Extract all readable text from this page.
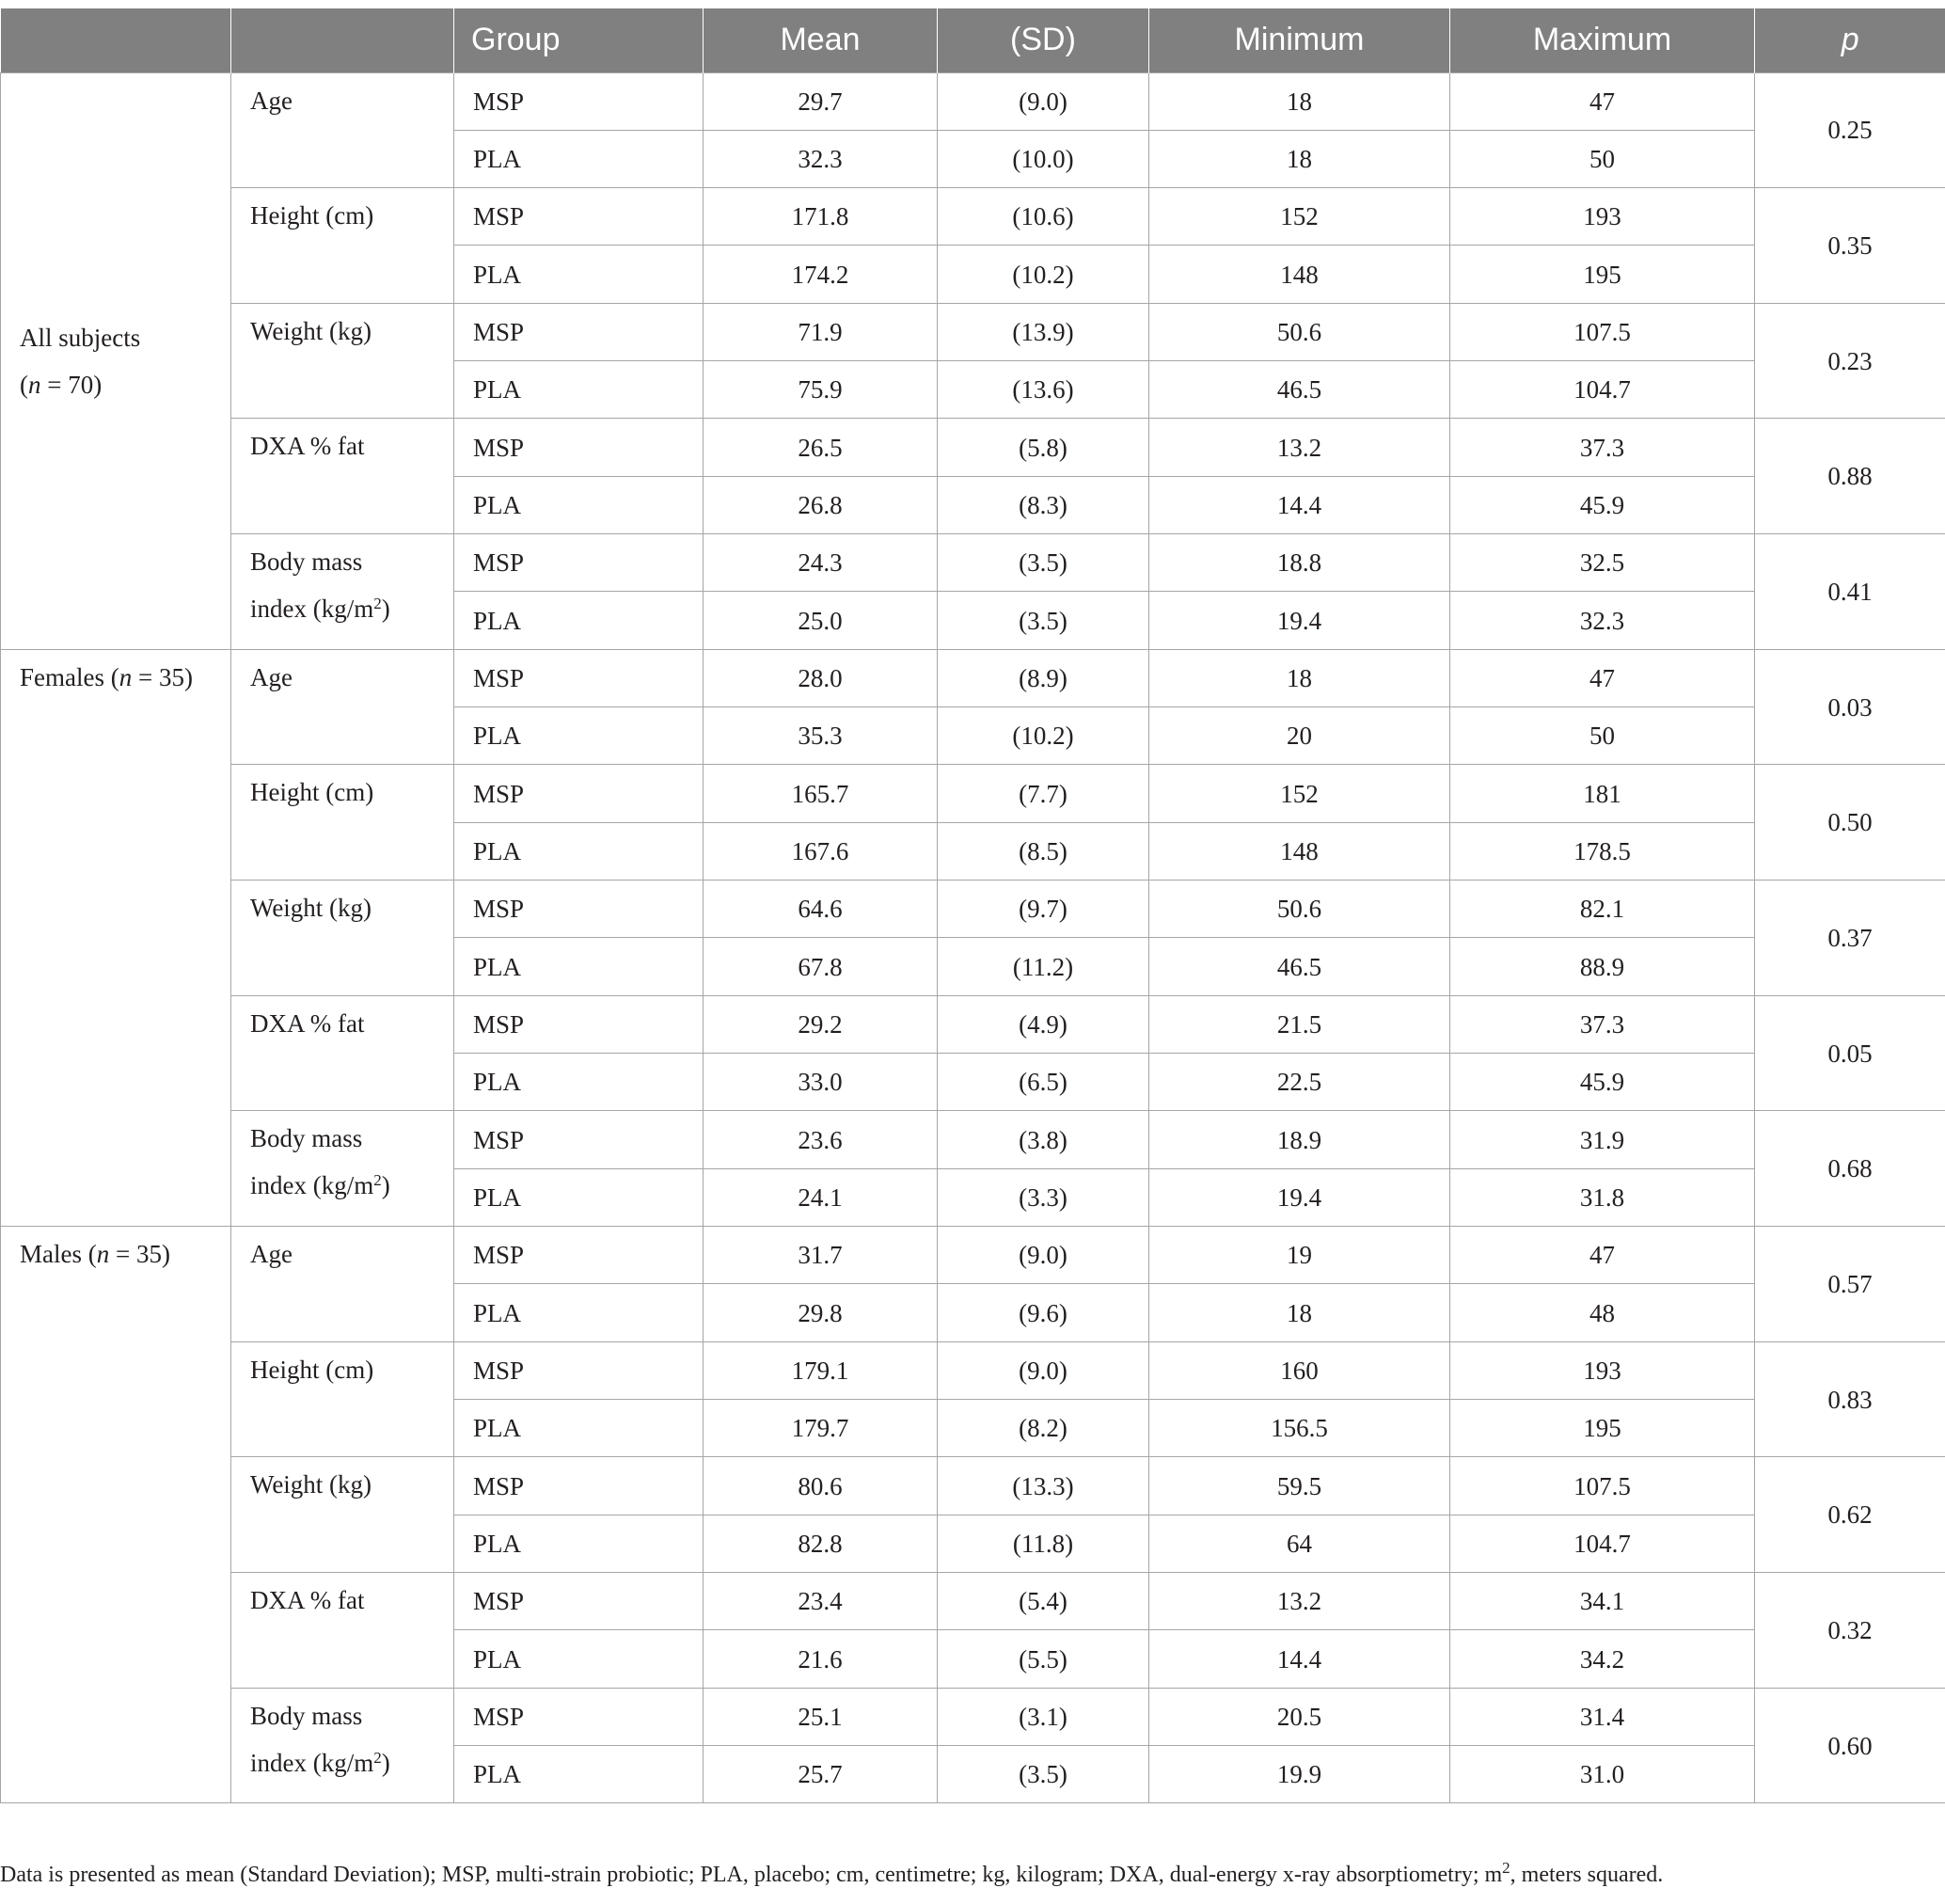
		Group	Mean	(SD)	Minimum	Maximum	p

All subjects
(n = 70)	Age	MSP	29.7	(9.0)	18	47	0.25
		PLA	32.3	(10.0)	18	50	
	Height (cm)	MSP	171.8	(10.6)	152	193	0.35
		PLA	174.2	(10.2)	148	195	
	Weight (kg)	MSP	71.9	(13.9)	50.6	107.5	0.23
		PLA	75.9	(13.6)	46.5	104.7	
	DXA % fat	MSP	26.5	(5.8)	13.2	37.3	0.88
		PLA	26.8	(8.3)	14.4	45.9	

	Body mass
index $(kg/m^2)$	MSP	24.3	(3.5)	18.8	32.5	0.41
		PLA	25.0	(3.5)	19.4	32.3	
Females (n = 35)	Age	MSP	28.0	(8.9)	18	47	0.03
		PLA	35.3	(10.2)	20	50	
	Height (cm)	MSP	165.7	(7.7)	152	181	0.50
		PLA	167.6	(8.5)	148	178.5	
	Weight (kg)	MSP	64.6	(9.7)	50.6	82.1	0.37
		PLA	67.8	(11.2)	46.5	88.9	
	DXA % fat	MSP	29.2	(4.9)	21.5	37.3	0.05
		PLA	33.0	(6.5)	22.5	45.9	

	Body mass
index $(kg/m^2)$	MSP	23.6	(3.8)	18.9	31.9	0.68
		PLA	24.1	(3.3)	19.4	31.8	
Males (n = 35)	Age	MSP	31.7	(9.0)	19	47	0.57
		PLA	29.8	(9.6)	18	48	
	Height (cm)	MSP	179.1	(9.0)	160	193	0.83
		PLA	179.7	(8.2)	156.5	195	
	Weight (kg)	MSP	80.6	(13.3)	59.5	107.5	0.62
		PLA	82.8	(11.8)	64	104.7	
	DXA % fat	MSP	23.4	(5.4)	13.2	34.1	0.32
		PLA	21.6	(5.5)	14.4	34.2	

	Body mass
index $(kg/m^2)$	MSP	25.1	(3.1)	20.5	31.4	0.60
		PLA	25.7	(3.5)	19.9	31.0	
Data is presented as mean (Standard Deviation); MSP, multi-strain probiotic; PLA, placebo; cm, centimetre; kg, kilogram; DXA, dual-energy x-ray absorptiometry; $m^2$, meters squared.
